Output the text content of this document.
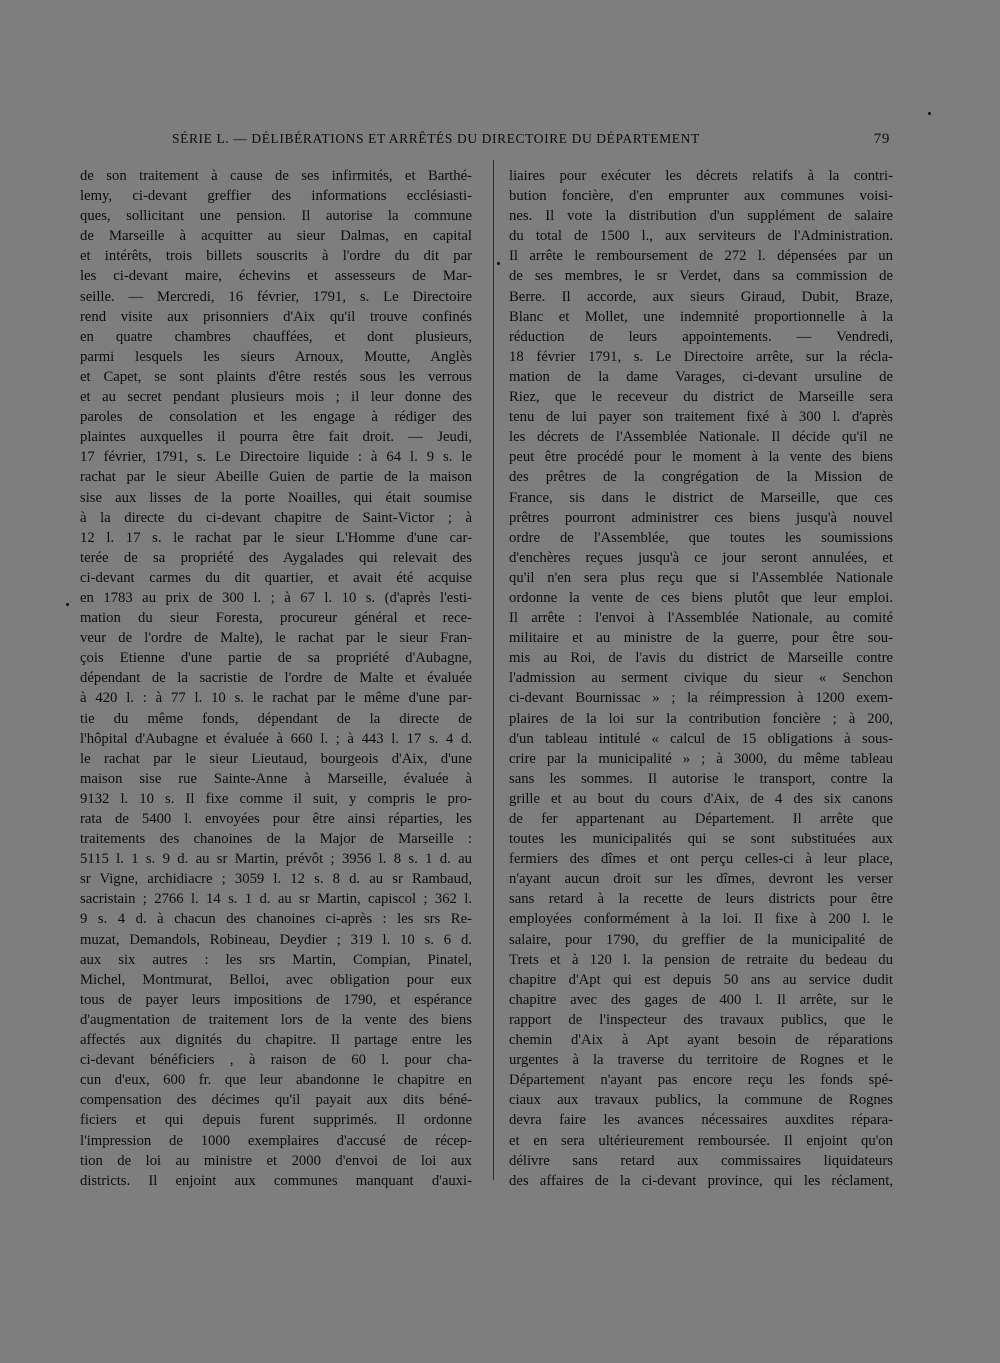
SÉRIE L. — DÉLIBÉRATIONS ET ARRÊTÉS DU DIRECTOIRE DU DÉPARTEMENT	79
de son traitement à cause de ses infirmités, et Barthé-
lemy, ci-devant greffier des informations ecclésiasti-
ques, sollicitant une pension. Il autorise la commune
de Marseille à acquitter au sieur Dalmas, en capital
et intérêts, trois billets souscrits à l'ordre du dit par
les ci-devant maire, échevins et assesseurs de Mar-
seille. — Mercredi, 16 février, 1791, s. Le Directoire
rend visite aux prisonniers d'Aix qu'il trouve confinés
en quatre chambres chauffées, et dont plusieurs,
parmi lesquels les sieurs Arnoux, Moutte, Anglès
et Capet, se sont plaints d'être restés sous les verrous
et au secret pendant plusieurs mois ; il leur donne des
paroles de consolation et les engage à rédiger des
plaintes auxquelles il pourra être fait droit. — Jeudi,
17 février, 1791, s. Le Directoire liquide : à 64 l. 9 s. le
rachat par le sieur Abeille Guien de partie de la maison
sise aux lisses de la porte Noailles, qui était soumise
à la directe du ci-devant chapitre de Saint-Victor ; à
12 l. 17 s. le rachat par le sieur L'Homme d'une car-
terée de sa propriété des Aygalades qui relevait des
ci-devant carmes du dit quartier, et avait été acquise
en 1783 au prix de 300 l. ; à 67 l. 10 s. (d'après l'esti-
mation du sieur Foresta, procureur général et rece-
veur de l'ordre de Malte), le rachat par le sieur Fran-
çois Etienne d'une partie de sa propriété d'Aubagne,
dépendant de la sacristie de l'ordre de Malte et évaluée
à 420 l. : à 77 l. 10 s. le rachat par le même d'une par-
tie du même fonds, dépendant de la directe de
l'hôpital d'Aubagne et évaluée à 660 l. ; à 443 l. 17 s. 4 d.
le rachat par le sieur Lieutaud, bourgeois d'Aix, d'une
maison sise rue Sainte-Anne à Marseille, évaluée à
9132 l. 10 s. Il fixe comme il suit, y compris le pro-
rata de 5400 l. envoyées pour être ainsi réparties, les
traitements des chanoines de la Major de Marseille :
5115 l. 1 s. 9 d. au sr Martin, prévôt ; 3956 l. 8 s. 1 d. au
sr Vigne, archidiacre ; 3059 l. 12 s. 8 d. au sr Rambaud,
sacristain ; 2766 l. 14 s. 1 d. au sr Martin, capiscol ; 362 l.
9 s. 4 d. à chacun des chanoines ci-après : les srs Re-
muzat, Demandols, Robineau, Deydier ; 319 l. 10 s. 6 d.
aux six autres : les srs Martin, Compian, Pinatel,
Michel, Montmurat, Belloi, avec obligation pour eux
tous de payer leurs impositions de 1790, et espérance
d'augmentation de traitement lors de la vente des biens
affectés aux dignités du chapitre. Il partage entre les
ci-devant bénéficiers , à raison de 60 l. pour cha-
cun d'eux, 600 fr. que leur abandonne le chapitre en
compensation des décimes qu'il payait aux dits béné-
ficiers et qui depuis furent supprimés. Il ordonne
l'impression de 1000 exemplaires d'accusé de récep-
tion de loi au ministre et 2000 d'envoi de loi aux
districts. Il enjoint aux communes manquant d'auxi-
liaires pour exécuter les décrets relatifs à la contri-
bution foncière, d'en emprunter aux communes voisi-
nes. Il vote la distribution d'un supplément de salaire
du total de 1500 l., aux serviteurs de l'Administration.
Il arrête le remboursement de 272 l. dépensées par un
de ses membres, le sr Verdet, dans sa commission de
Berre. Il accorde, aux sieurs Giraud, Dubit, Braze,
Blanc et Mollet, une indemnité proportionnelle à la
réduction de leurs appointements. — Vendredi,
18 février 1791, s. Le Directoire arrête, sur la récla-
mation de la dame Varages, ci-devant ursuline de
Riez, que le receveur du district de Marseille sera
tenu de lui payer son traitement fixé à 300 l. d'après
les décrets de l'Assemblée Nationale. Il décide qu'il ne
peut être procédé pour le moment à la vente des biens
des prêtres de la congrégation de la Mission de
France, sis dans le district de Marseille, que ces
prêtres pourront administrer ces biens jusqu'à nouvel
ordre de l'Assemblée, que toutes les soumissions
d'enchères reçues jusqu'à ce jour seront annulées, et
qu'il n'en sera plus reçu que si l'Assemblée Nationale
ordonne la vente de ces biens plutôt que leur emploi.
Il arrête : l'envoi à l'Assemblée Nationale, au comité
militaire et au ministre de la guerre, pour être sou-
mis au Roi, de l'avis du district de Marseille contre
l'admission au serment civique du sieur « Senchon
ci-devant Bournissac » ; la réimpression à 1200 exem-
plaires de la loi sur la contribution foncière ; à 200,
d'un tableau intitulé « calcul de 15 obligations à sous-
crire par la municipalité » ; à 3000, du même tableau
sans les sommes. Il autorise le transport, contre la
grille et au bout du cours d'Aix, de 4 des six canons
de fer appartenant au Département. Il arrête que
toutes les municipalités qui se sont substituées aux
fermiers des dîmes et ont perçu celles-ci à leur place,
n'ayant aucun droit sur les dîmes, devront les verser
sans retard à la recette de leurs districts pour être
employées conformément à la loi. Il fixe à 200 l. le
salaire, pour 1790, du greffier de la municipalité de
Trets et à 120 l. la pension de retraite du bedeau du
chapitre d'Apt qui est depuis 50 ans au service dudit
chapitre avec des gages de 400 l. Il arrête, sur le
rapport de l'inspecteur des travaux publics, que le
chemin d'Aix à Apt ayant besoin de réparations
urgentes à la traverse du territoire de Rognes et le
Département n'ayant pas encore reçu les fonds spé-
ciaux aux travaux publics, la commune de Rognes
devra faire les avances nécessaires auxdites répara-
et en sera ultérieurement remboursée. Il enjoint qu'on
délivre sans retard aux commissaires liquidateurs
des affaires de la ci-devant province, qui les réclament,
